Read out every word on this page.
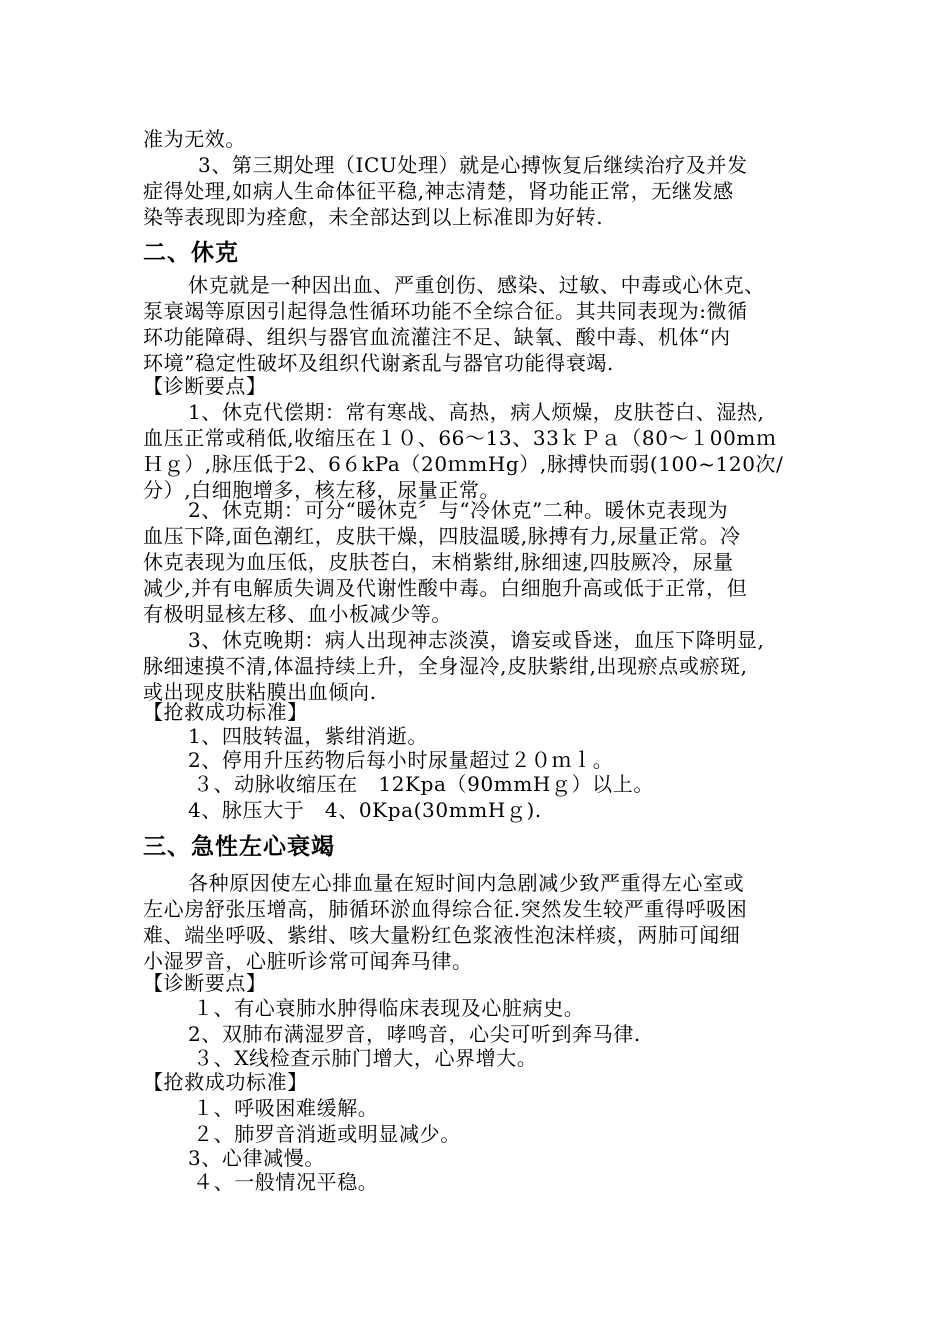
准为无效。
3、第三期处理（ICU处理）就是心搏恢复后继续治疗及并发
症得处理,如病人生命体征平稳,神志清楚，肾功能正常，无继发感
染等表现即为痊愈，未全部达到以上标准即为好转.
二、休克
休克就是一种因出血、严重创伤、感染、过敏、中毒或心休克、
泵衰竭等原因引起得急性循环功能不全综合征。其共同表现为:微循
环功能障碍、组织与器官血流灌注不足、缺氧、酸中毒、机体“内
环境”稳定性破坏及组织代谢紊乱与器官功能得衰竭.
【诊断要点】
1、休克代偿期：常有寒战、高热，病人烦燥，皮肤苍白、湿热,
血压正常或稍低,收缩压在１０、66～13、33ｋＰａ（80～１00mｍ
Ｈｇ）,脉压低于2、6６kPa（20ｍmHg）,脉搏快而弱(100~120次/
分）,白细胞增多，核左移，尿量正常。
2、休克期：可分“暖休克〞与“冷休克”二种。暖休克表现为
血压下降,面色潮红，皮肤干燥，四肢温暖,脉搏有力,尿量正常。冷
休克表现为血压低，皮肤苍白，末梢紫绀,脉细速,四肢厥冷，尿量
减少,并有电解质失调及代谢性酸中毒。白细胞升高或低于正常，但
有极明显核左移、血小板减少等。
3、休克晚期：病人出现神志淡漠，谵妄或昏迷，血压下降明显,
脉细速摸不清,体温持续上升，全身湿冷,皮肤紫绀,出现瘀点或瘀斑,
或出现皮肤粘膜出血倾向.
【抢救成功标准】
1、四肢转温，紫绀消逝。
2、停用升压药物后每小时尿量超过２０ｍｌ。
３、动脉收缩压在　12Kpa（90mmHｇ）以上。
4、脉压大于　4、0Kpa(30mmHｇ).
三、急性左心衰竭
各种原因使左心排血量在短时间内急剧减少致严重得左心室或
左心房舒张压增高，肺循环淤血得综合征.突然发生较严重得呼吸困
难、端坐呼吸、紫绀、咳大量粉红色浆液性泡沫样痰，两肺可闻细
小湿罗音，心脏听诊常可闻奔马律。
【诊断要点】
１、有心衰肺水肿得临床表现及心脏病史。
2、双肺布满湿罗音，哮鸣音，心尖可听到奔马律.
３、X线检查示肺门增大，心界增大。
【抢救成功标准】
１、呼吸困难缓解。
２、肺罗音消逝或明显减少。
3、心律减慢。
４、一般情况平稳。
